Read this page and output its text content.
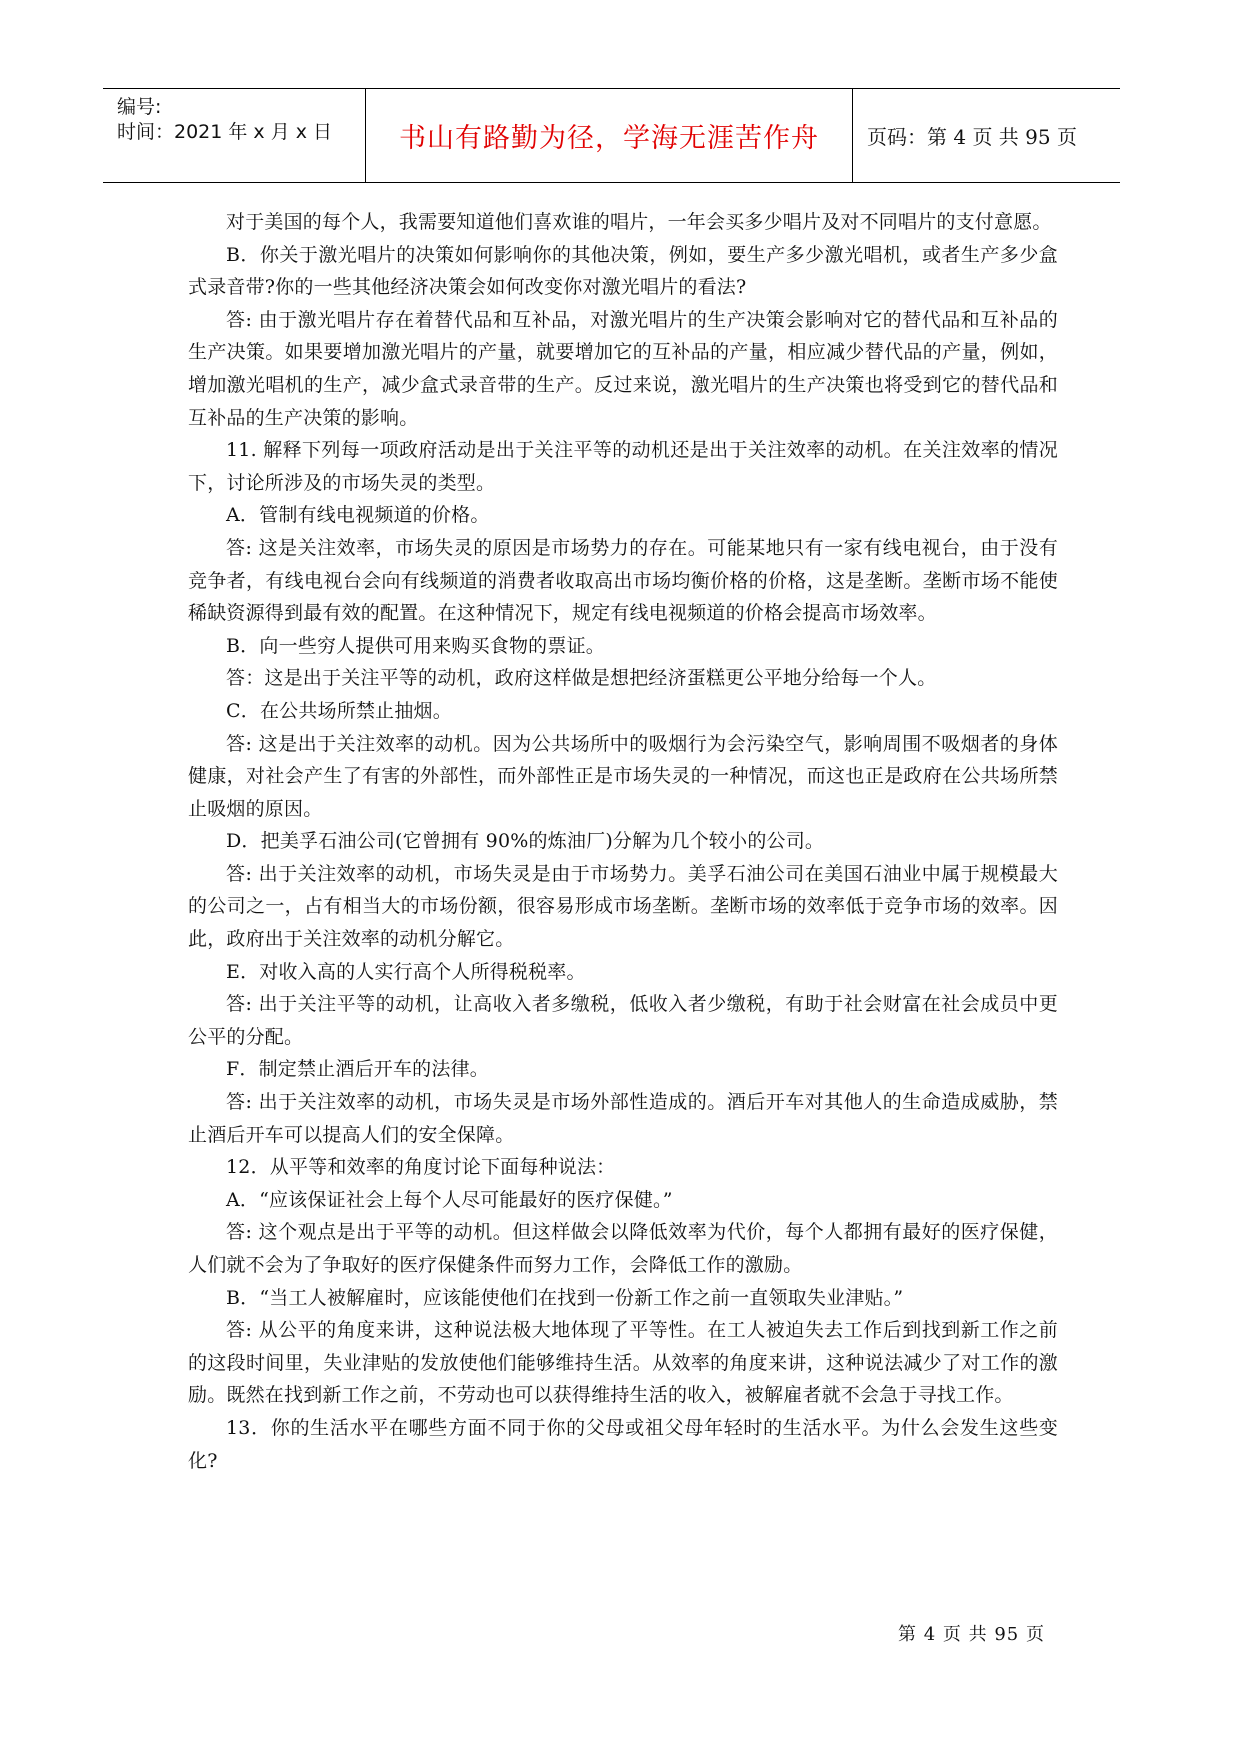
编号:
时间：2021 年 x 月 x 日	书山有路勤为径，学海无涯苦作舟 页码：第 4 页 共 95 页

对于美国的每个人，我需要知道他们喜欢谁的唱片，一年会买多少唱片及对不同唱片的支付意愿。

B．你关于激光唱片的决策如何影响你的其他决策，例如，要生产多少激光唱机，或者生产多少盒式录音带?你的一些其他经济决策会如何改变你对激光唱片的看法?

答: 由于激光唱片存在着替代品和互补品，对激光唱片的生产决策会影响对它的替代品和互补品的生产决策。如果要增加激光唱片的产量，就要增加它的互补品的产量，相应减少替代品的产量，例如，增加激光唱机的生产，减少盒式录音带的生产。反过来说，激光唱片的生产决策也将受到它的替代品和互补品的生产决策的影响。

11. 解释下列每一项政府活动是出于关注平等的动机还是出于关注效率的动机。在关注效率的情况下，讨论所涉及的市场失灵的类型。

A．管制有线电视频道的价格。

答: 这是关注效率，市场失灵的原因是市场势力的存在。可能某地只有一家有线电视台，由于没有竞争者，有线电视台会向有线频道的消费者收取高出市场均衡价格的价格，这是垄断。垄断市场不能使稀缺资源得到最有效的配置。在这种情况下，规定有线电视频道的价格会提高市场效率。

B．向一些穷人提供可用来购买食物的票证。

答：这是出于关注平等的动机，政府这样做是想把经济蛋糕更公平地分给每一个人。

C．在公共场所禁止抽烟。

答: 这是出于关注效率的动机。因为公共场所中的吸烟行为会污染空气，影响周围不吸烟者的身体健康，对社会产生了有害的外部性，而外部性正是市场失灵的一种情况，而这也正是政府在公共场所禁止吸烟的原因。

D．把美孚石油公司(它曾拥有 90%的炼油厂)分解为几个较小的公司。

答: 出于关注效率的动机，市场失灵是由于市场势力。美孚石油公司在美国石油业中属于规模最大的公司之一，占有相当大的市场份额，很容易形成市场垄断。垄断市场的效率低于竞争市场的效率。因此，政府出于关注效率的动机分解它。

E．对收入高的人实行高个人所得税税率。

答: 出于关注平等的动机，让高收入者多缴税，低收入者少缴税，有助于社会财富在社会成员中更公平的分配。

F．制定禁止酒后开车的法律。

答: 出于关注效率的动机，市场失灵是市场外部性造成的。酒后开车对其他人的生命造成威胁，禁止酒后开车可以提高人们的安全保障。

12．从平等和效率的角度讨论下面每种说法：

A．“应该保证社会上每个人尽可能最好的医疗保健。”

答: 这个观点是出于平等的动机。但这样做会以降低效率为代价，每个人都拥有最好的医疗保健，人们就不会为了争取好的医疗保健条件而努力工作，会降低工作的激励。

B．“当工人被解雇时，应该能使他们在找到一份新工作之前一直领取失业津贴。”

答: 从公平的角度来讲，这种说法极大地体现了平等性。在工人被迫失去工作后到找到新工作之前的这段时间里，失业津贴的发放使他们能够维持生活。从效率的角度来讲，这种说法减少了对工作的激励。既然在找到新工作之前，不劳动也可以获得维持生活的收入，被解雇者就不会急于寻找工作。

13．你的生活水平在哪些方面不同于你的父母或祖父母年轻时的生活水平。为什么会发生这些变化?

第 4 页 共 95 页
